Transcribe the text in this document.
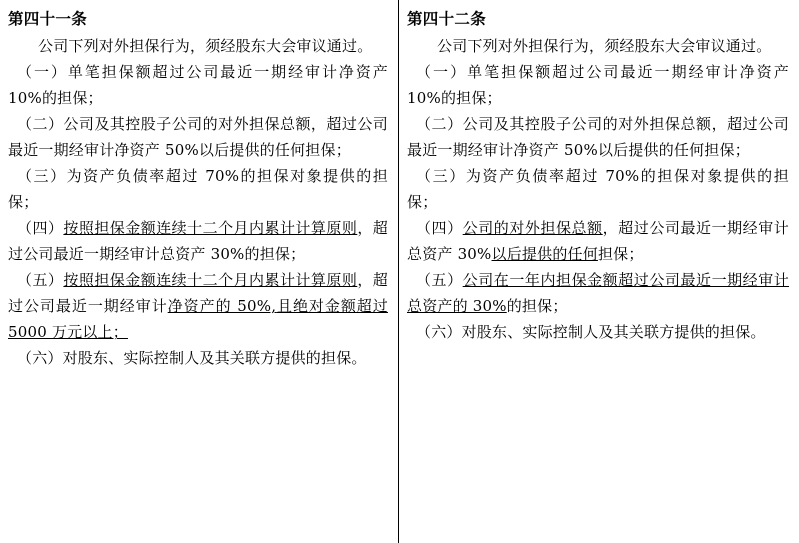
第四十一条

公司下列对外担保行为，须经股东大会审议通过。

（一）单笔担保额超过公司最近一期经审计净资产 10%的担保；

（二）公司及其控股子公司的对外担保总额，超过公司最近一期经审计净资产 50%以后提供的任何担保；

（三）为资产负债率超过 70%的担保对象提供的担保；

（四）按照担保金额连续十二个月内累计计算原则，超过公司最近一期经审计总资产 30%的担保；

（五）按照担保金额连续十二个月内累计计算原则，超过公司最近一期经审计净资产的 50%,且绝对金额超过 5000 万元以上；

（六）对股东、实际控制人及其关联方提供的担保。

第四十二条

公司下列对外担保行为，须经股东大会审议通过。

（一）单笔担保额超过公司最近一期经审计净资产 10%的担保；

（二）公司及其控股子公司的对外担保总额，超过公司最近一期经审计净资产 50%以后提供的任何担保；

（三）为资产负债率超过 70%的担保对象提供的担保；

（四）公司的对外担保总额，超过公司最近一期经审计总资产 30%以后提供的任何担保；

（五）公司在一年内担保金额超过公司最近一期经审计总资产的 30%的担保；

（六）对股东、实际控制人及其关联方提供的担保。
